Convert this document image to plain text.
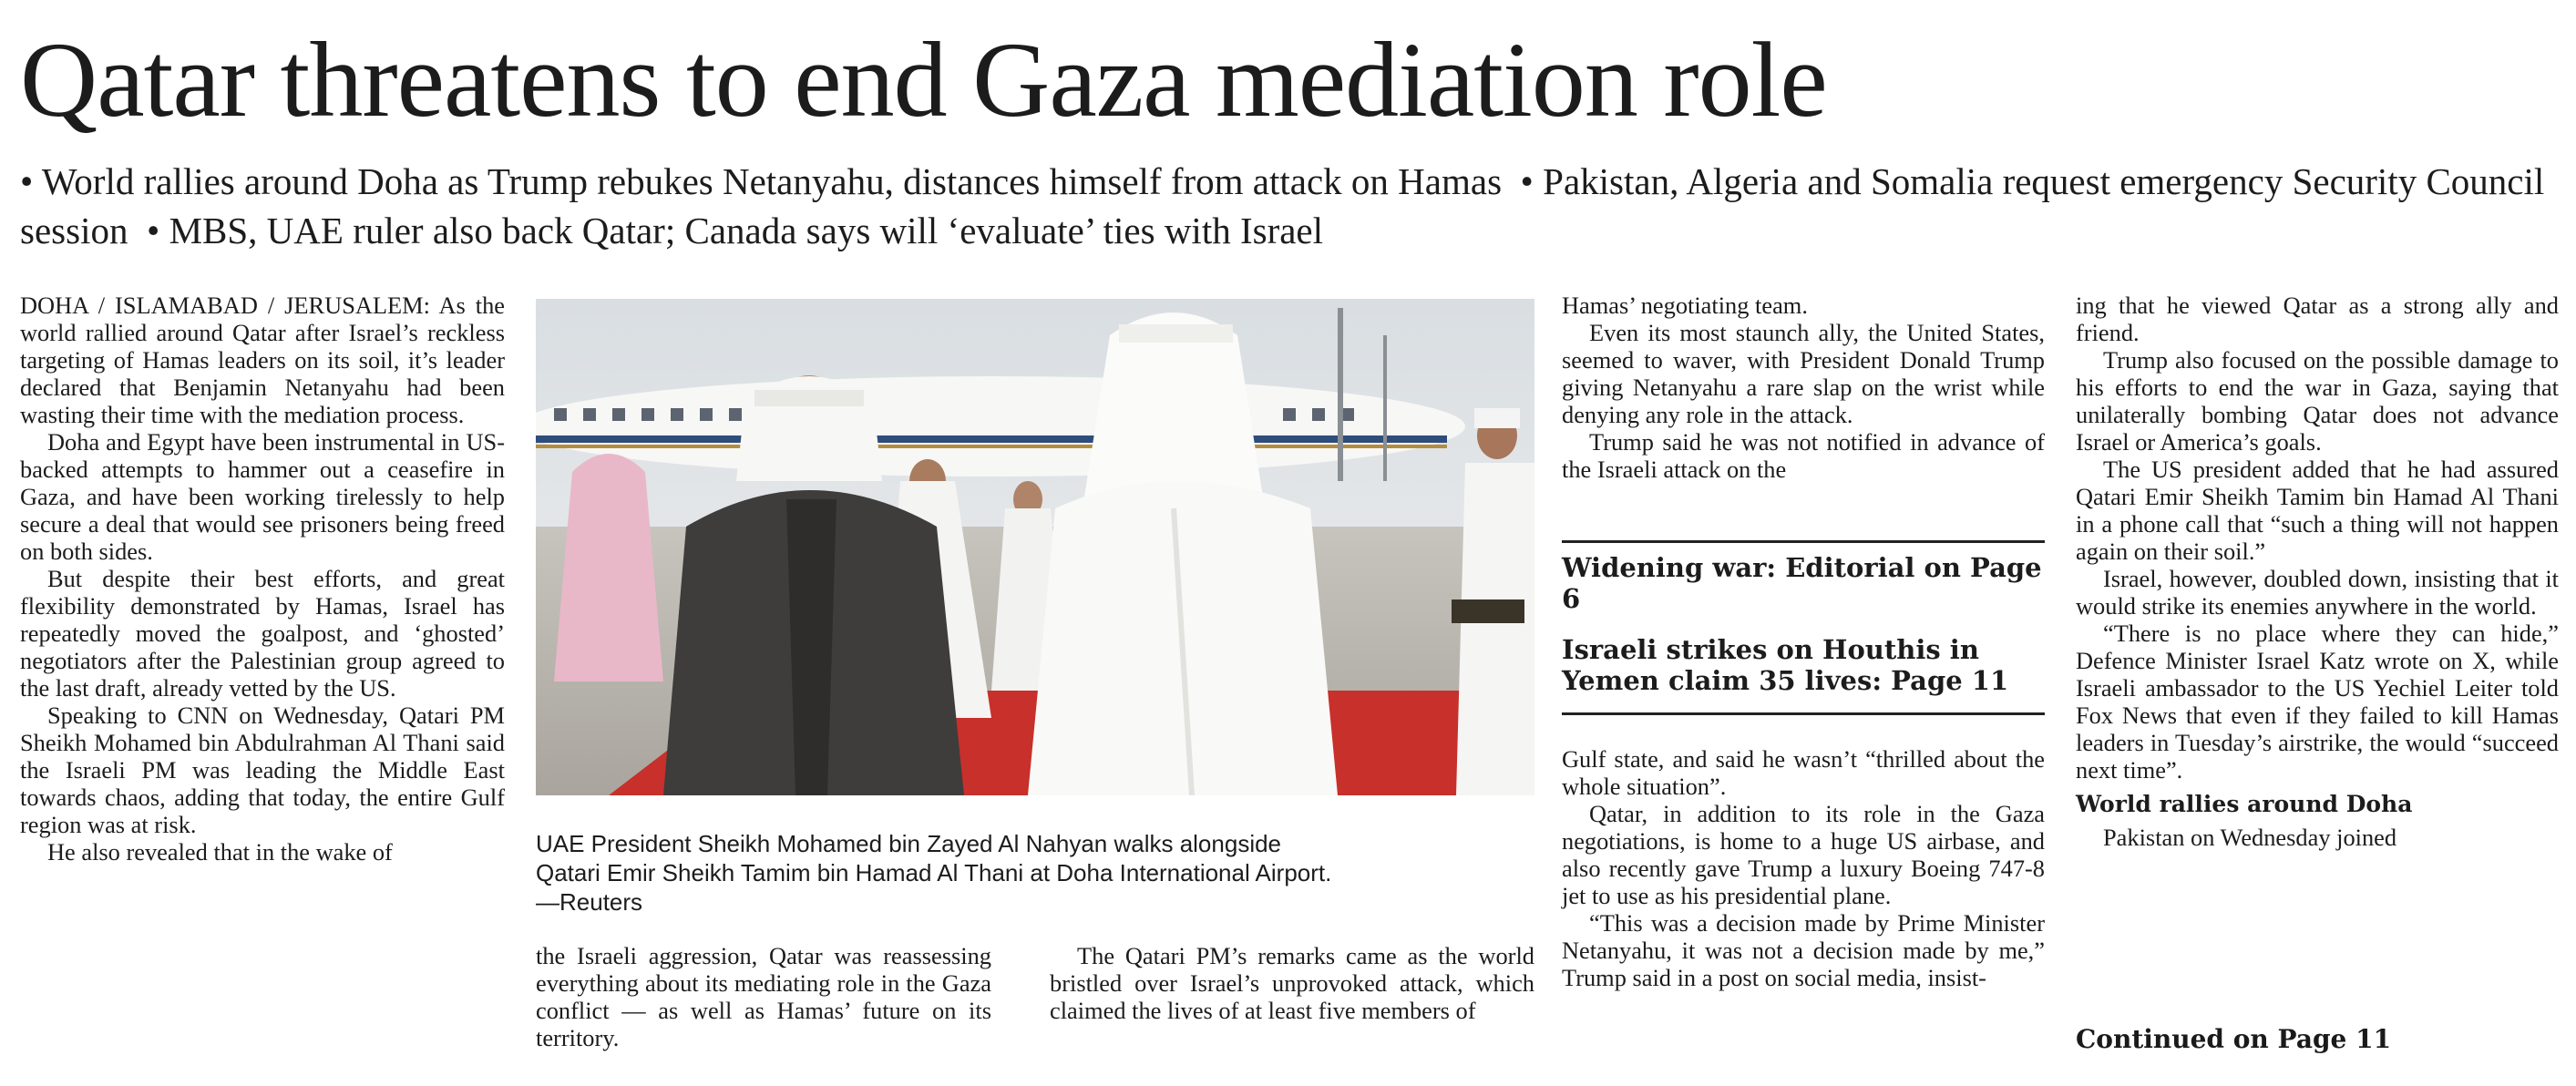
Qatar threatens to end Gaza mediation role
• World rallies around Doha as Trump rebukes Netanyahu, distances himself from attack on Hamas • Pakistan, Algeria and Somalia request emergency Security Council session • MBS, UAE ruler also back Qatar; Canada says will ‘evaluate’ ties with Israel

DOHA / ISLAMABAD / JERUSALEM: As the world rallied around Qatar after Israel’s reckless targeting of Hamas leaders on its soil, it’s leader declared that Benjamin Netanyahu had been wasting their time with the mediation process.

Doha and Egypt have been instrumental in US-backed attempts to hammer out a ceasefire in Gaza, and have been working tirelessly to help secure a deal that would see prisoners being freed on both sides.

But despite their best efforts, and great flexibility demonstrated by Hamas, Israel has repeatedly moved the goalpost, and ‘ghosted’ negotiators after the Palestinian group agreed to the last draft, already vetted by the US.

Speaking to CNN on Wednesday, Qatari PM Sheikh Mohamed bin Abdulrahman Al Thani said the Israeli PM was leading the Middle East towards chaos, adding that today, the entire Gulf region was at risk.

He also revealed that in the wake of	UAE President Sheikh Mohamed bin Zayed Al Nahyan walks alongside
Qatari Emir Sheikh Tamim bin Hamad Al Thani at Doha International Airport.
—Reuters

the Israeli aggression, Qatar was reassessing everything about its mediating role in the Gaza conflict — as well as Hamas’ future on its territory.

The Qatari PM’s remarks came as the world bristled over Israel’s unprovoked attack, which claimed the lives of at least five members of

Hamas’ negotiating team.

Even its most staunch ally, the United States, seemed to waver, with President Donald Trump giving Netanyahu a rare slap on the wrist while denying any role in the attack.

Trump said he was not notified in advance of the Israeli attack on the

Widening war: Editorial on Page 6
Israeli strikes on Houthis in Yemen claim 35 lives: Page 11

Gulf state, and said he wasn’t “thrilled about the whole situation”.

Qatar, in addition to its role in the Gaza negotiations, is home to a huge US airbase, and also recently gave Trump a luxury Boeing 747-8 jet to use as his presidential plane.

“This was a decision made by Prime Minister Netanyahu, it was not a decision made by me,” Trump said in a post on social media, insist-

ing that he viewed Qatar as a strong ally and friend.

Trump also focused on the possible damage to his efforts to end the war in Gaza, saying that unilaterally bombing Qatar does not advance Israel or America’s goals.

The US president added that he had assured Qatari Emir Sheikh Tamim bin Hamad Al Thani in a phone call that “such a thing will not happen again on their soil.”

Israel, however, doubled down, insisting that it would strike its enemies anywhere in the world.

“There is no place where they can hide,” Defence Minister Israel Katz wrote on X, while Israeli ambassador to the US Yechiel Leiter told Fox News that even if they failed to kill Hamas leaders in Tuesday’s airstrike, the would “succeed next time”.

World rallies around Doha

Pakistan on Wednesday joined

Continued on Page 11
